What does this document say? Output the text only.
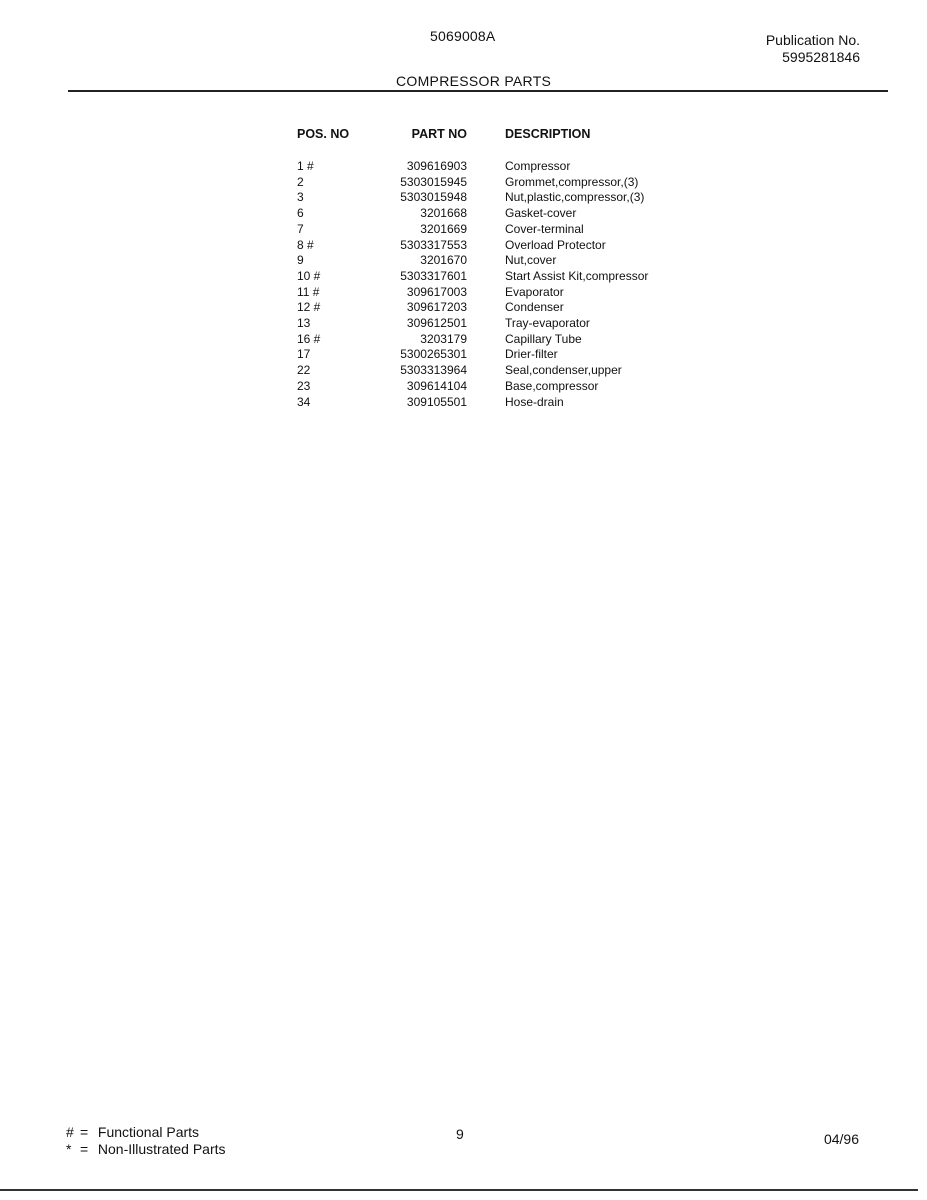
5069008A	Publication No.
5995281846
COMPRESSOR PARTS
POS. NO	PART NO	DESCRIPTION
1 #	309616903	Compressor
2	5303015945	Grommet,compressor,(3)
3	5303015948	Nut,plastic,compressor,(3)
6	3201668	Gasket-cover
7	3201669	Cover-terminal
8 #	5303317553	Overload Protector
9	3201670	Nut,cover
10 #	5303317601	Start Assist Kit,compressor
11 #	309617003	Evaporator
12 #	309617203	Condenser
13	309612501	Tray-evaporator
16 #	3203179	Capillary Tube
17	5300265301	Drier-filter
22	5303313964	Seal,condenser,upper
23	309614104	Base,compressor
34	309105501	Hose-drain
# = Functional Parts
* = Non-Illustrated Parts
9	04/96
